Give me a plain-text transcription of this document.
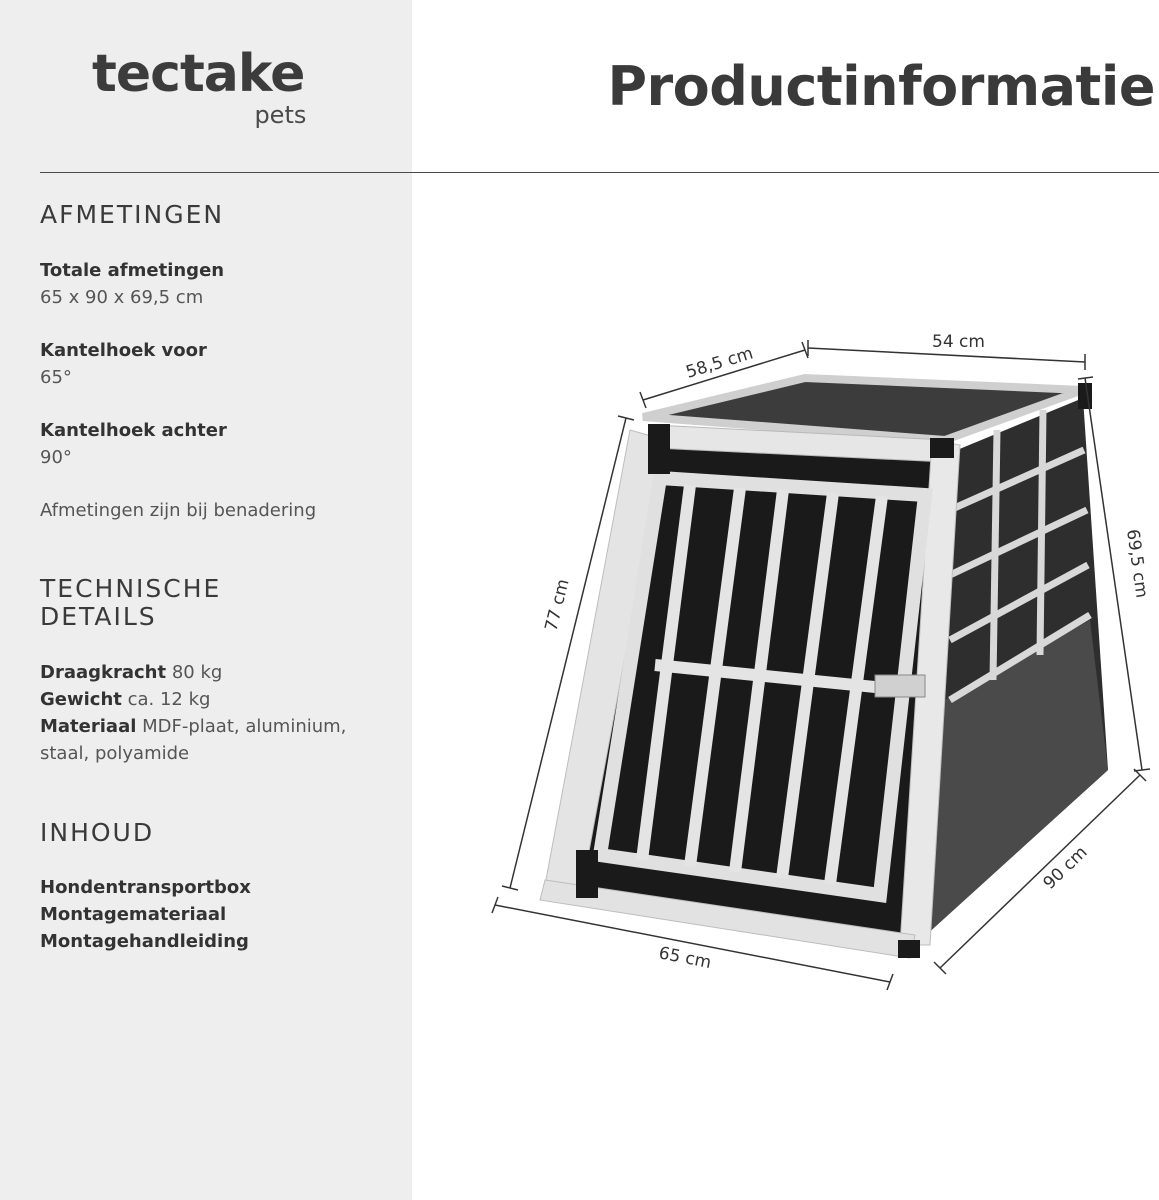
tectake
pets	Productinformatie
AFMETINGEN
Totale afmetingen
65 x 90 x 69,5 cm
Kantelhoek voor
65°
Kantelhoek achter
90°
Afmetingen zijn bij benadering
TECHNISCHE
DETAILS
Draagkracht 80 kg
Gewicht ca. 12 kg
Materiaal MDF-plaat, aluminium,
staal, polyamide
INHOUD
Hondentransportbox
Montagemateriaal
Montagehandleiding
58,5 cm
54 cm
69,5 cm
77 cm
65 cm
90 cm
